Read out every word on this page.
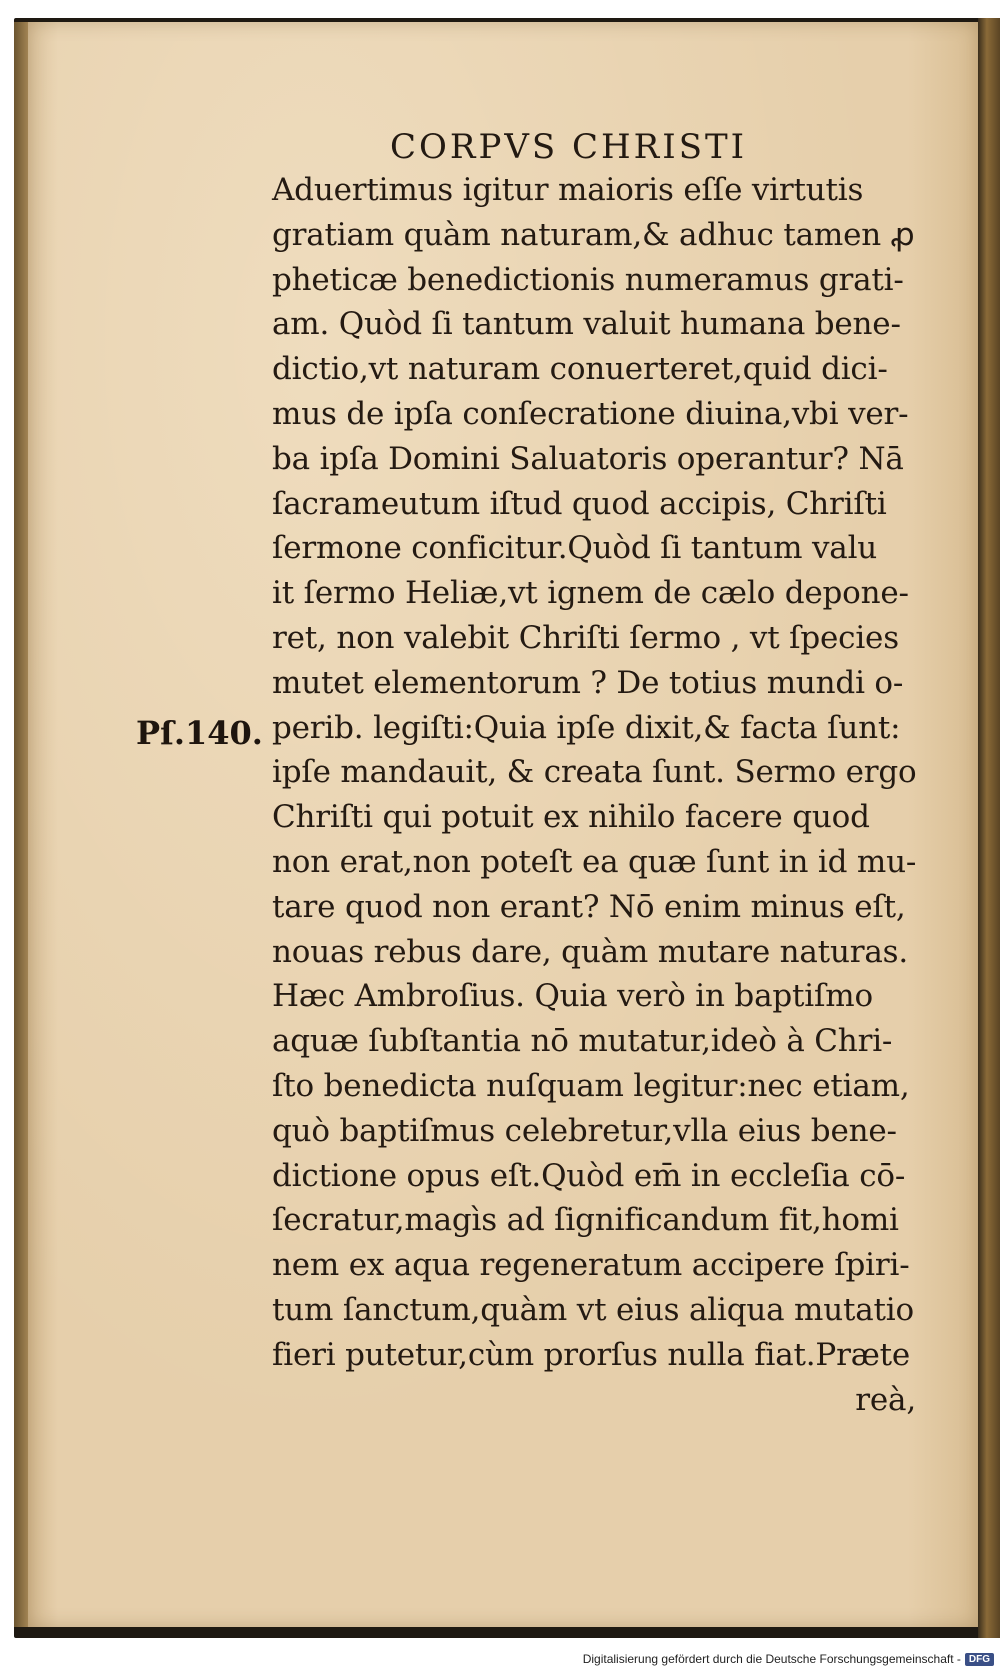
CORPVS CHRISTI
Pſ.140.
Aduertimus igitur maioris eſſe virtutis
gratiam quàm naturam,& adhuc tamen ꝓ
pheticæ benedictionis numeramus grati-
am. Quòd ſi tantum valuit humana bene-
dictio,vt naturam conuerteret,quid dici-
mus de ipſa conſecratione diuina,vbi ver-
ba ipſa Domini Saluatoris operantur? Nā
ſacrameutum iſtud quod accipis, Chriſti
ſermone conficitur.Quòd ſi tantum valu
it ſermo Heliæ,vt ignem de cælo depone-
ret, non valebit Chriſti ſermo , vt ſpecies
mutet elementorum ? De totius mundi o-
perib. legiſti:Quia ipſe dixit,& facta ſunt:
ipſe mandauit, & creata ſunt. Sermo ergo
Chriſti qui potuit ex nihilo facere quod
non erat,non poteſt ea quæ ſunt in id mu-
tare quod non erant? Nō enim minus eſt,
nouas rebus dare, quàm mutare naturas.
Hæc Ambroſius. Quia verò in baptiſmo
aquæ ſubſtantia nō mutatur,ideò à Chri-
ſto benedicta nuſquam legitur:nec etiam,
quò baptiſmus celebretur,vlla eius bene-
dictione opus eſt.Quòd em̄ in eccleſia cō-
ſecratur,magìs ad ſignificandum fit,homi
nem ex aqua regeneratum accipere ſpiri-
tum ſanctum,quàm vt eius aliqua mutatio
fieri putetur,cùm prorſus nulla fiat.Præte
reà,
Digitalisierung gefördert durch die Deutsche Forschungsgemeinschaft - DFG
